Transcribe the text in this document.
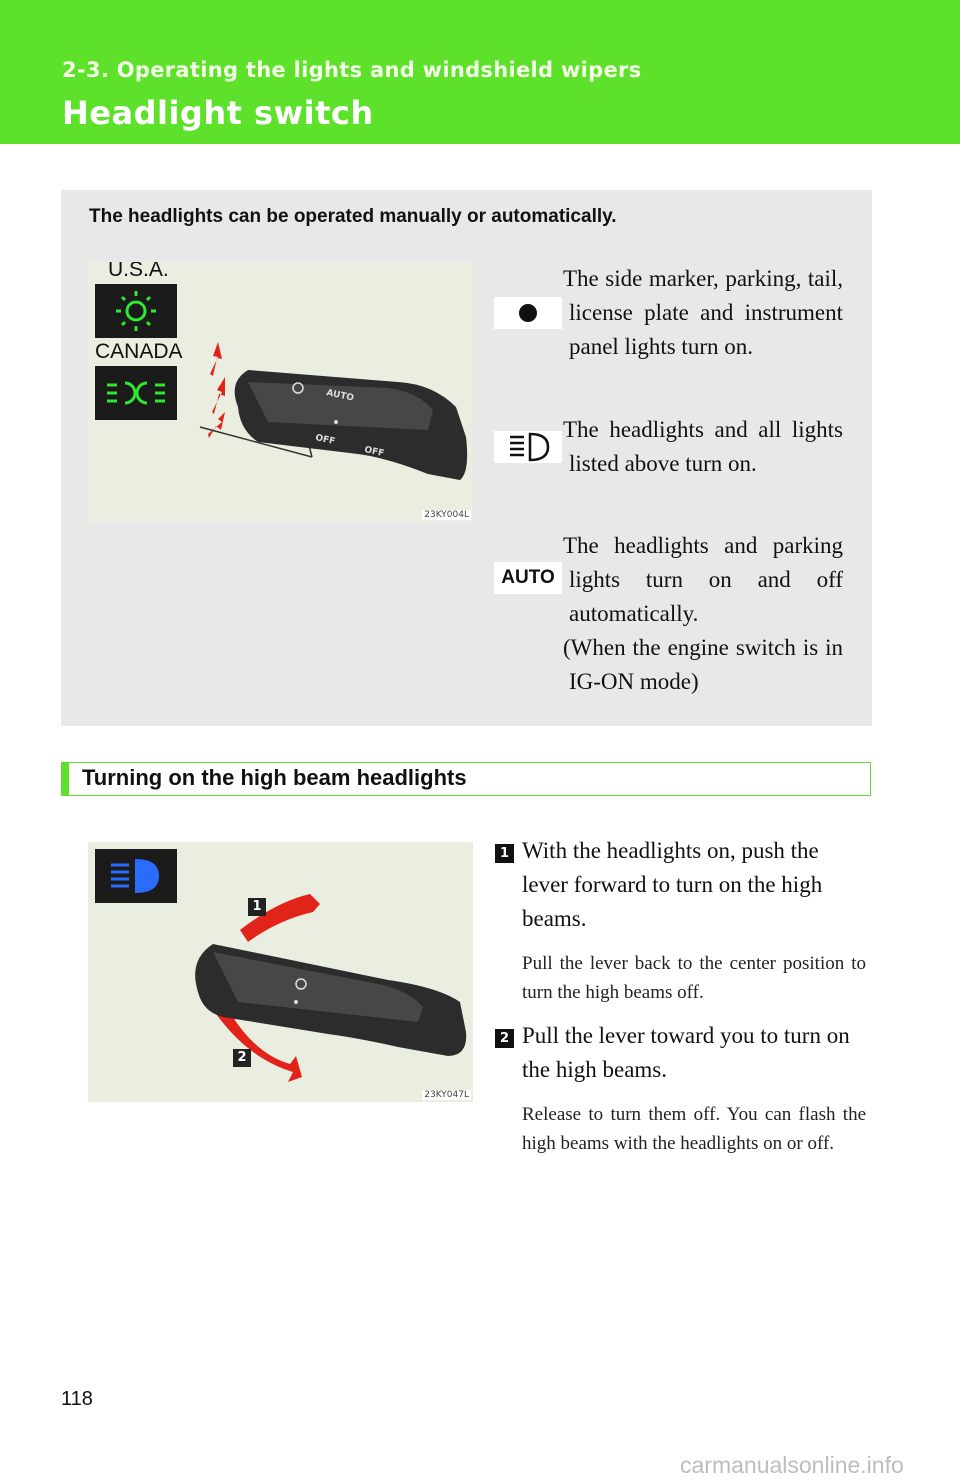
2-3. Operating the lights and windshield wipers
Headlight switch
The headlights can be operated manually or automatically.
U.S.A.
CANADA
AUTO
OFF
OFF
23KY004L
The side marker, parking, tail, license plate and instrument panel lights turn on.
The headlights and all lights listed above turn on.
AUTO
The headlights and parking lights turn on and off automatically.
(When the engine switch is in IG-ON mode)
Turning on the high beam headlights
1
2
23KY047L
1 With the headlights on, push the lever forward to turn on the high beams.
Pull the lever back to the center position to turn the high beams off.
2 Pull the lever toward you to turn on the high beams.
Release to turn them off. You can flash the high beams with the headlights on or off.
118
carmanualsonline.info
